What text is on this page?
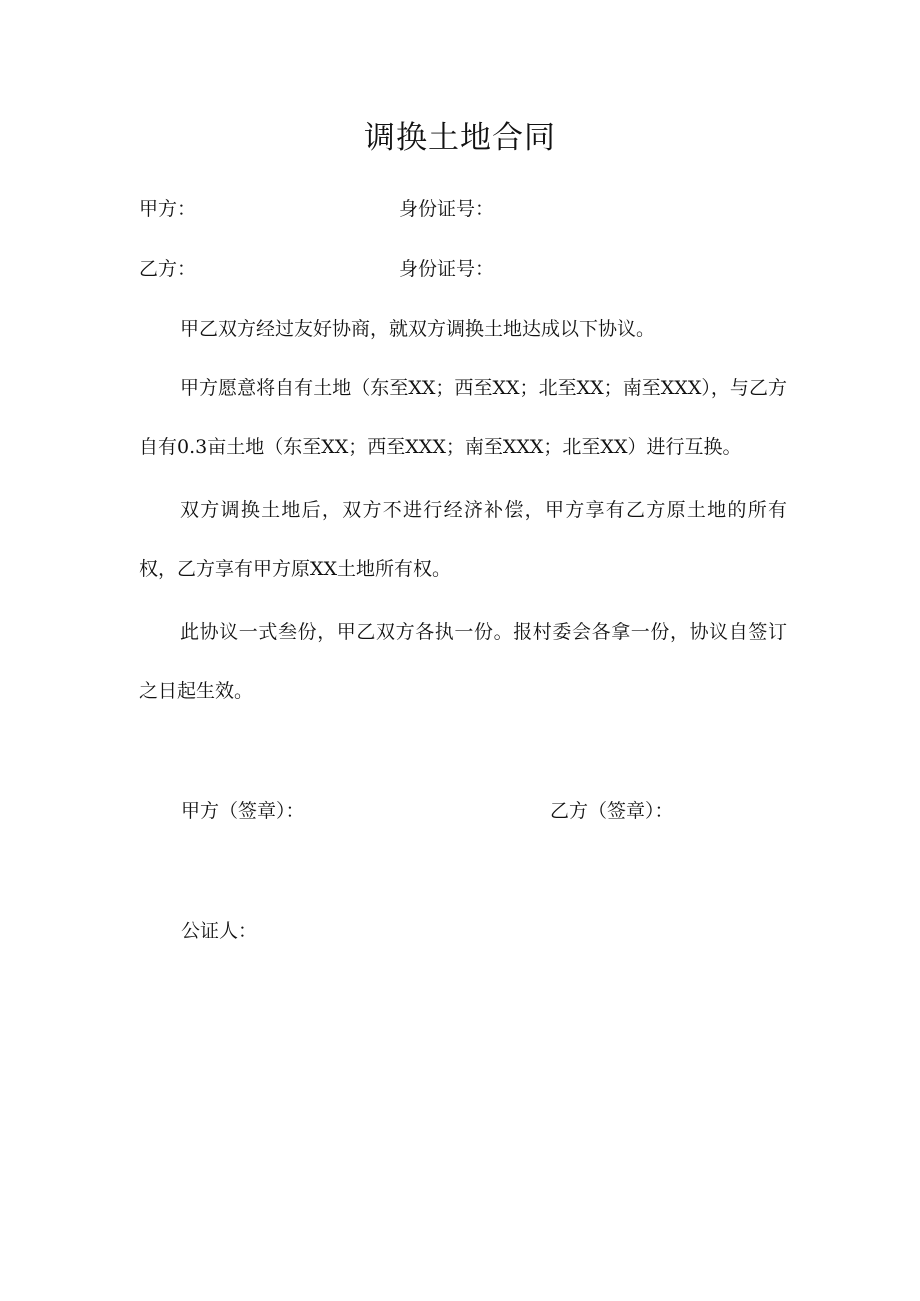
调换土地合同
甲方：	身份证号：
乙方：	身份证号：
甲乙双方经过友好协商，就双方调换土地达成以下协议。
甲方愿意将自有土地（东至XX；西至XX；北至XX；南至XXX），与乙方自有0.3亩土地（东至XX；西至XXX；南至XXX；北至XX）进行互换。
双方调换土地后，双方不进行经济补偿，甲方享有乙方原土地的所有权，乙方享有甲方原XX土地所有权。
此协议一式叁份，甲乙双方各执一份。报村委会各拿一份，协议自签订之日起生效。
甲方（签章）：	乙方（签章）：
公证人：
